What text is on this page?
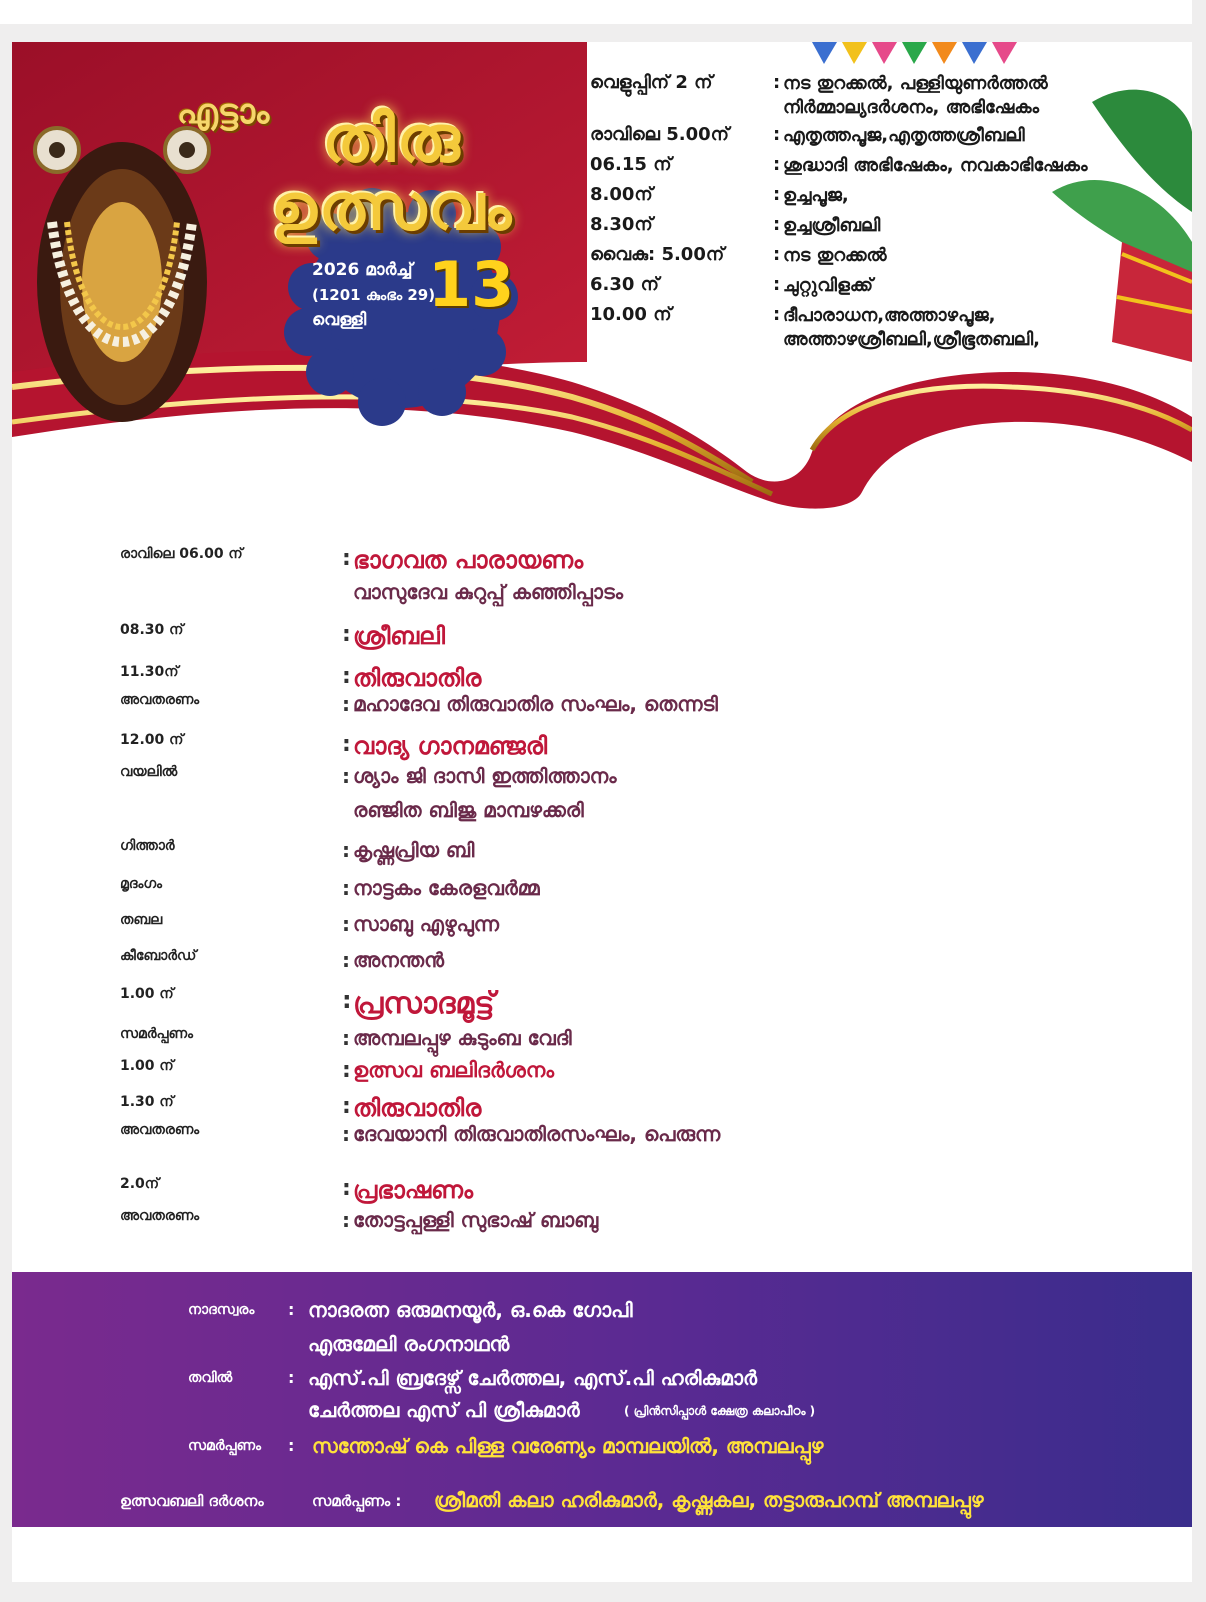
എട്ടാം തിരു
ഉത്സവം
2026 മാർച്ച്
(1201 കുംഭം 29)
വെള്ളി 13
വെളുപ്പിന് 2 ന്	: നട തുറക്കൽ, പള്ളിയുണർത്തൽ നിർമ്മാല്യദർശനം, അഭിഷേകം
രാവിലെ 5.00ന്	: എതൃത്തപൂജ,എതൃത്തശ്രീബലി
06.15 ന്	: ശുദ്ധാദി അഭിഷേകം, നവകാഭിഷേകം
8.00ന്	: ഉച്ചപൂജ,
8.30ന്	: ഉച്ചശ്രീബലി
വൈകു: 5.00ന്	: നട തുറക്കൽ
6.30 ന്	: ചുറ്റുവിളക്ക്
10.00 ന്	: ദീപാരാധന,അത്താഴപൂജ, അത്താഴശ്രീബലി,ശ്രീഭൂതബലി,
രാവിലെ 06.00 ന്	: ഭാഗവത പാരായണം
വാസുദേവ കുറുപ്പ് കഞ്ഞിപ്പാടം
08.30 ന്	: ശ്രീബലി
11.30ന്	: തിരുവാതിര
അവതരണം	: മഹാദേവ തിരുവാതിര സംഘം, തെന്നടി
12.00 ന്	: വാദ്യ ഗാനമഞ്ജരി
വയലിൽ	: ശ്യാം ജി ദാസി ഇത്തിത്താനം
രഞ്ജിത ബിജു മാമ്പഴക്കരി
ഗിത്താർ	: കൃഷ്ണപ്രിയ ബി
മൃദംഗം	: നാട്ടകം കേരളവർമ്മ
തബല	: സാബു എഴുപുന്ന
കീബോർഡ്	: അനന്തൻ
1.00 ന്	: പ്രസാദമൂട്ട്
സമർപ്പണം	: അമ്പലപ്പുഴ കുടുംബ വേദി
1.00 ന്	: ഉത്സവ ബലിദർശനം
1.30 ന്	: തിരുവാതിര
അവതരണം	: ദേവയാനി തിരുവാതിരസംഘം, പെരുന്ന
2.0ന്	: പ്രഭാഷണം
അവതരണം	: തോട്ടപ്പള്ളി സുഭാഷ് ബാബു
നാദസ്വരം : നാദരത്ന ഒരുമനയൂർ, ഒ.കെ ഗോപി
എരുമേലി രംഗനാഥൻ
തവിൽ	: എസ്.പി ബ്രദേഴ്സ് ചേർത്തല, എസ്.പി ഹരികുമാർ
ചേർത്തല എസ് പി ശ്രീകുമാർ	( പ്രിൻസിപ്പാൾ ക്ഷേത്ര കലാപീഠം )
സമർപ്പണം : സന്തോഷ് കെ പിള്ള വരേണ്യം മാമ്പലയിൽ, അമ്പലപ്പുഴ
ഉത്സവബലി ദർശനം	സമർപ്പണം : ശ്രീമതി കലാ ഹരികുമാർ, കൃഷ്ണകല, തട്ടാരുപറമ്പ് അമ്പലപ്പുഴ
